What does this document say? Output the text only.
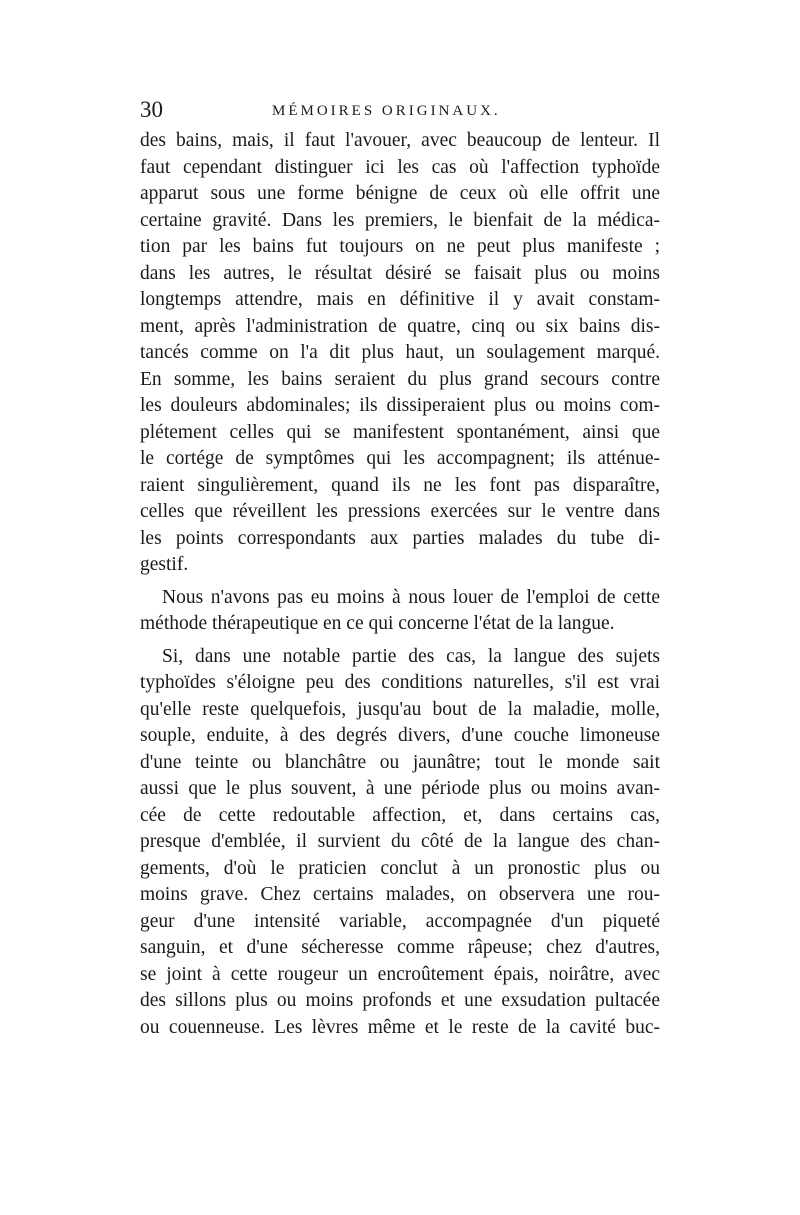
30	MÉMOIRES ORIGINAUX.
des bains, mais, il faut l'avouer, avec beaucoup de lenteur. Il
faut cependant distinguer ici les cas où l'affection typhoïde
apparut sous une forme bénigne de ceux où elle offrit une
certaine gravité. Dans les premiers, le bienfait de la médica-
tion par les bains fut toujours on ne peut plus manifeste ;
dans les autres, le résultat désiré se faisait plus ou moins
longtemps attendre, mais en définitive il y avait constam-
ment, après l'administration de quatre, cinq ou six bains dis-
tancés comme on l'a dit plus haut, un soulagement marqué.
En somme, les bains seraient du plus grand secours contre
les douleurs abdominales; ils dissiperaient plus ou moins com-
plétement celles qui se manifestent spontanément, ainsi que
le cortége de symptômes qui les accompagnent; ils atténue-
raient singulièrement, quand ils ne les font pas disparaître,
celles que réveillent les pressions exercées sur le ventre dans
les points correspondants aux parties malades du tube di-
gestif.
Nous n'avons pas eu moins à nous louer de l'emploi de cette
méthode thérapeutique en ce qui concerne l'état de la langue.
Si, dans une notable partie des cas, la langue des sujets
typhoïdes s'éloigne peu des conditions naturelles, s'il est vrai
qu'elle reste quelquefois, jusqu'au bout de la maladie, molle,
souple, enduite, à des degrés divers, d'une couche limoneuse
d'une teinte ou blanchâtre ou jaunâtre; tout le monde sait
aussi que le plus souvent, à une période plus ou moins avan-
cée de cette redoutable affection, et, dans certains cas,
presque d'emblée, il survient du côté de la langue des chan-
gements, d'où le praticien conclut à un pronostic plus ou
moins grave. Chez certains malades, on observera une rou-
geur d'une intensité variable, accompagnée d'un piqueté
sanguin, et d'une sécheresse comme râpeuse; chez d'autres,
se joint à cette rougeur un encroûtement épais, noirâtre, avec
des sillons plus ou moins profonds et une exsudation pultacée
ou couenneuse. Les lèvres même et le reste de la cavité buc-
